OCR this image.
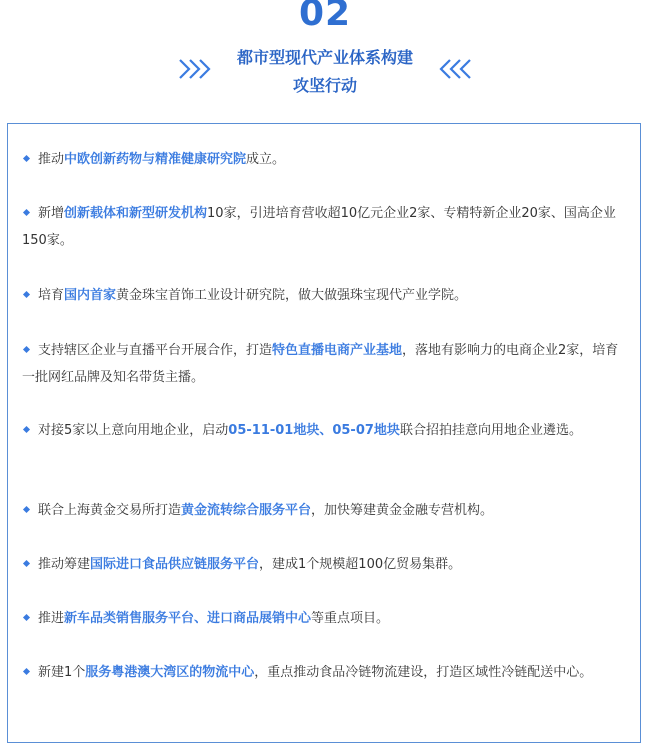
02
都市型现代产业体系构建
攻坚行动
推动中欧创新药物与精准健康研究院成立。
新增创新载体和新型研发机构10家，引进培育营收超10亿元企业2家、专精特新企业20家、国高企业150家。
培育国内首家黄金珠宝首饰工业设计研究院，做大做强珠宝现代产业学院。
支持辖区企业与直播平台开展合作，打造特色直播电商产业基地，落地有影响力的电商企业2家，培育一批网红品牌及知名带货主播。
对接5家以上意向用地企业，启动05-11-01地块、05-07地块联合招拍挂意向用地企业遴选。
联合上海黄金交易所打造黄金流转综合服务平台，加快筹建黄金金融专营机构。
推动筹建国际进口食品供应链服务平台，建成1个规模超100亿贸易集群。
推进新车品类销售服务平台、进口商品展销中心等重点项目。
新建1个服务粤港澳大湾区的物流中心，重点推动食品冷链物流建设，打造区域性冷链配送中心。
